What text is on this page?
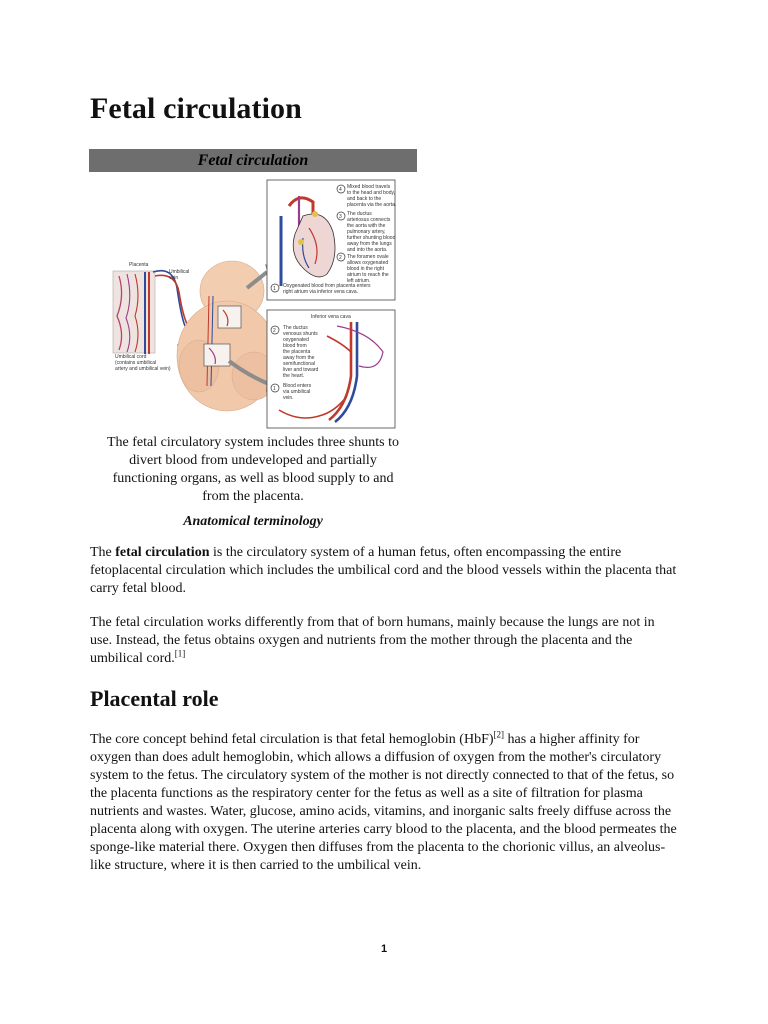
Fetal circulation
Fetal circulation
Placenta
Umbilical
vein
Umbilical cord
(contains umbilical
artery and umbilical vein)
4 Mixed blood travels
to the head and body,
and back to the
placenta via the aorta.
3 The ductus
arteriosus connects
the aorta with the
pulmonary artery,
further shunting blood
away from the lungs
and into the aorta.
2 The foramen ovale
allows oxygenated
blood in the right
atrium to reach the
left atrium.
1 Oxygenated blood from placenta enters
right atrium via inferior vena cava.
Inferior vena cava
2 The ductus
venosus shunts
oxygenated
blood from
the placenta
away from the
semifunctional
liver and toward
the heart.
1 Blood enters
via umbilical
vein.

The fetal circulatory system includes three shunts to

divert blood from undeveloped and partially

functioning organs, as well as blood supply to and

from the placenta.

Anatomical terminology

The fetal circulation is the circulatory system of a human fetus, often encompassing the entire fetoplacental circulation which includes the umbilical cord and the blood vessels within the placenta that carry fetal blood.

The fetal circulation works differently from that of born humans, mainly because the lungs are not in use. Instead, the fetus obtains oxygen and nutrients from the mother through the placenta and the umbilical cord.[1]

Placental role

The core concept behind fetal circulation is that fetal hemoglobin (HbF)[2] has a higher affinity for oxygen than does adult hemoglobin, which allows a diffusion of oxygen from the mother's circulatory system to the fetus. The circulatory system of the mother is not directly connected to that of the fetus, so the placenta functions as the respiratory center for the fetus as well as a site of filtration for plasma nutrients and wastes. Water, glucose, amino acids, vitamins, and inorganic salts freely diffuse across the placenta along with oxygen. The uterine arteries carry blood to the placenta, and the blood permeates the sponge-like material there. Oxygen then diffuses from the placenta to the chorionic villus, an alveolus-like structure, where it is then carried to the umbilical vein.

1
